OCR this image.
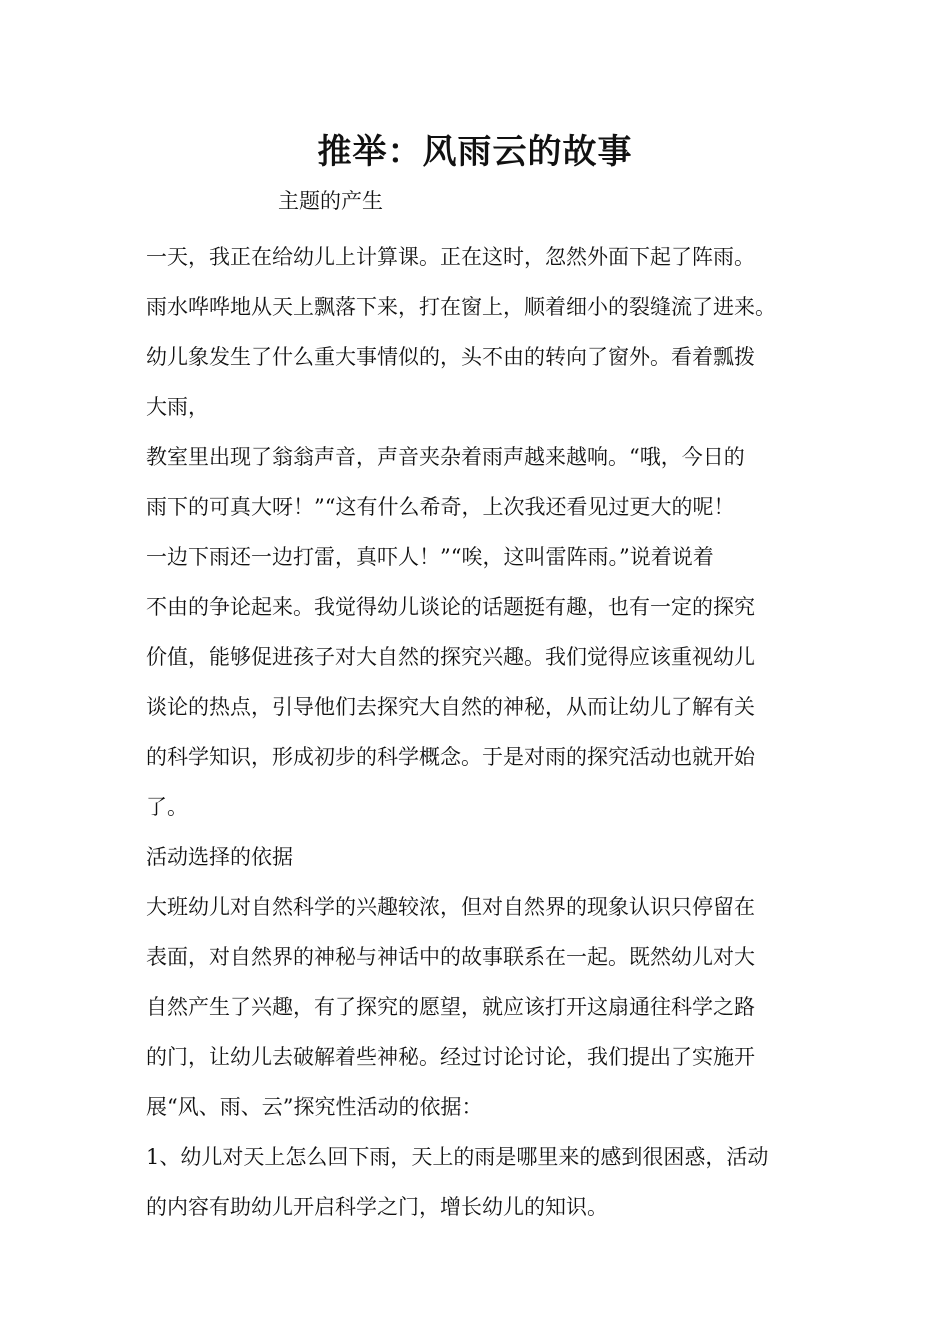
推举：风雨云的故事
主题的产生
一天，我正在给幼儿上计算课。正在这时，忽然外面下起了阵雨。
雨水哗哗地从天上飘落下来，打在窗上，顺着细小的裂缝流了进来。
幼儿象发生了什么重大事情似的，头不由的转向了窗外。看着瓢拨
大雨，
教室里出现了翁翁声音，声音夹杂着雨声越来越响。“哦，今日的
雨下的可真大呀！”“这有什么希奇，上次我还看见过更大的呢！
一边下雨还一边打雷，真吓人！”“唉，这叫雷阵雨。”说着说着
不由的争论起来。我觉得幼儿谈论的话题挺有趣，也有一定的探究
价值，能够促进孩子对大自然的探究兴趣。我们觉得应该重视幼儿
谈论的热点，引导他们去探究大自然的神秘，从而让幼儿了解有关
的科学知识，形成初步的科学概念。于是对雨的探究活动也就开始
了。
活动选择的依据
大班幼儿对自然科学的兴趣较浓，但对自然界的现象认识只停留在
表面，对自然界的神秘与神话中的故事联系在一起。既然幼儿对大
自然产生了兴趣，有了探究的愿望，就应该打开这扇通往科学之路
的门，让幼儿去破解着些神秘。经过讨论讨论，我们提出了实施开
展“风、雨、云”探究性活动的依据：
1、幼儿对天上怎么回下雨，天上的雨是哪里来的感到很困惑，活动
的内容有助幼儿开启科学之门，增长幼儿的知识。
